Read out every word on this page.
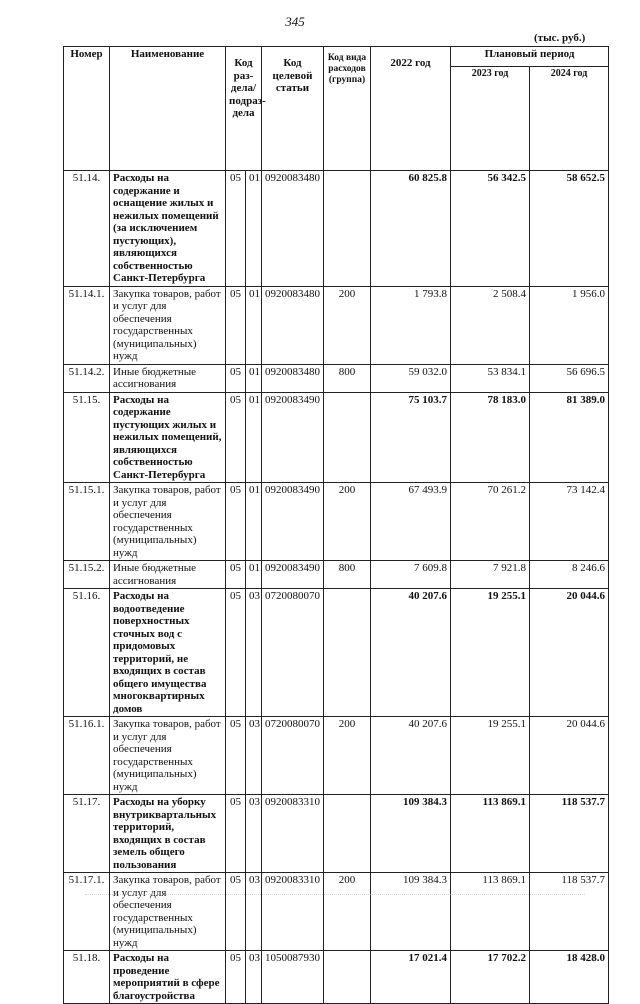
345
(тыс. руб.)
Номер	Наименование	Код раз-дела/ подраз-дела		Код целевой статьи	Код вида расходов (группа)	2022 год	Плановый период	
							2023 год	2024 год
51.14.	Расходы на содержание и оснащение жилых и нежилых помещений (за исключением пустующих), являющихся собственностью Санкт-Петербурга	05	01	0920083480		60 825.8	56 342.5	58 652.5
51.14.1.	Закупка товаров, работ и услуг для обеспечения государственных (муниципальных) нужд	05	01	0920083480	200	1 793.8	2 508.4	1 956.0
51.14.2.	Иные бюджетные ассигнования	05	01	0920083480	800	59 032.0	53 834.1	56 696.5
51.15.	Расходы на содержание пустующих жилых и нежилых помещений, являющихся собственностью Санкт-Петербурга	05	01	0920083490		75 103.7	78 183.0	81 389.0
51.15.1.	Закупка товаров, работ и услуг для обеспечения государственных (муниципальных) нужд	05	01	0920083490	200	67 493.9	70 261.2	73 142.4
51.15.2.	Иные бюджетные ассигнования	05	01	0920083490	800	7 609.8	7 921.8	8 246.6
51.16.	Расходы на водоотведение поверхностных сточных вод с придомовых территорий, не входящих в состав общего имущества многоквартирных домов	05	03	0720080070		40 207.6	19 255.1	20 044.6
51.16.1.	Закупка товаров, работ и услуг для обеспечения государственных (муниципальных) нужд	05	03	0720080070	200	40 207.6	19 255.1	20 044.6
51.17.	Расходы на уборку внутриквартальных территорий, входящих в состав земель общего пользования	05	03	0920083310		109 384.3	113 869.1	118 537.7
51.17.1.	Закупка товаров, работ и услуг для обеспечения государственных (муниципальных) нужд	05	03	0920083310	200	109 384.3	113 869.1	118 537.7
51.18.	Расходы на проведение мероприятий в сфере благоустройства	05	03	1050087930		17 021.4	17 702.2	18 428.0
